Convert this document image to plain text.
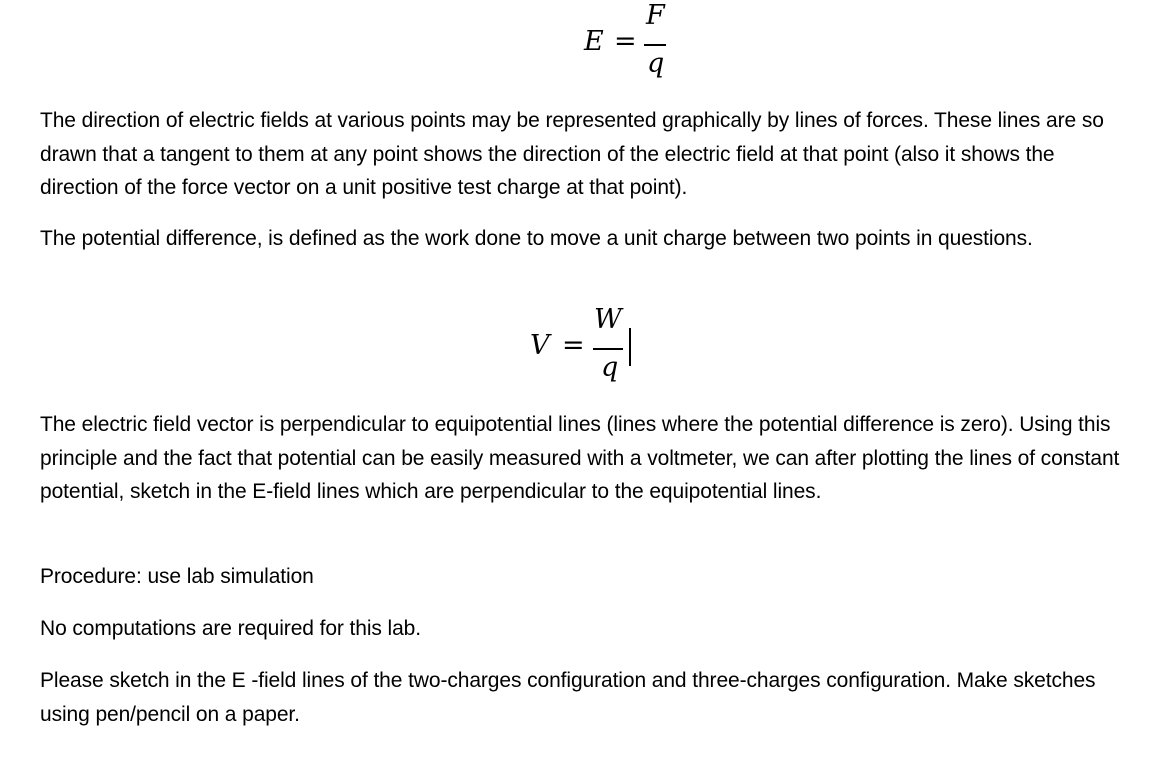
E =
F
q

The direction of electric fields at various points may be represented graphically by lines of forces. These lines are so drawn that a tangent to them at any point shows the direction of the electric field at that point (also it shows the direction of the force vector on a unit positive test charge at that point).

The potential difference, is defined as the work done to move a unit charge between two points in questions.

V =
W
q

The electric field vector is perpendicular to equipotential lines (lines where the potential difference is zero). Using this principle and the fact that potential can be easily measured with a voltmeter, we can after plotting the lines of constant potential, sketch in the E-field lines which are perpendicular to the equipotential lines.

Procedure: use lab simulation

No computations are required for this lab.

Please sketch in the E -field lines of the two-charges configuration and three-charges configuration. Make sketches using pen/pencil on a paper.
